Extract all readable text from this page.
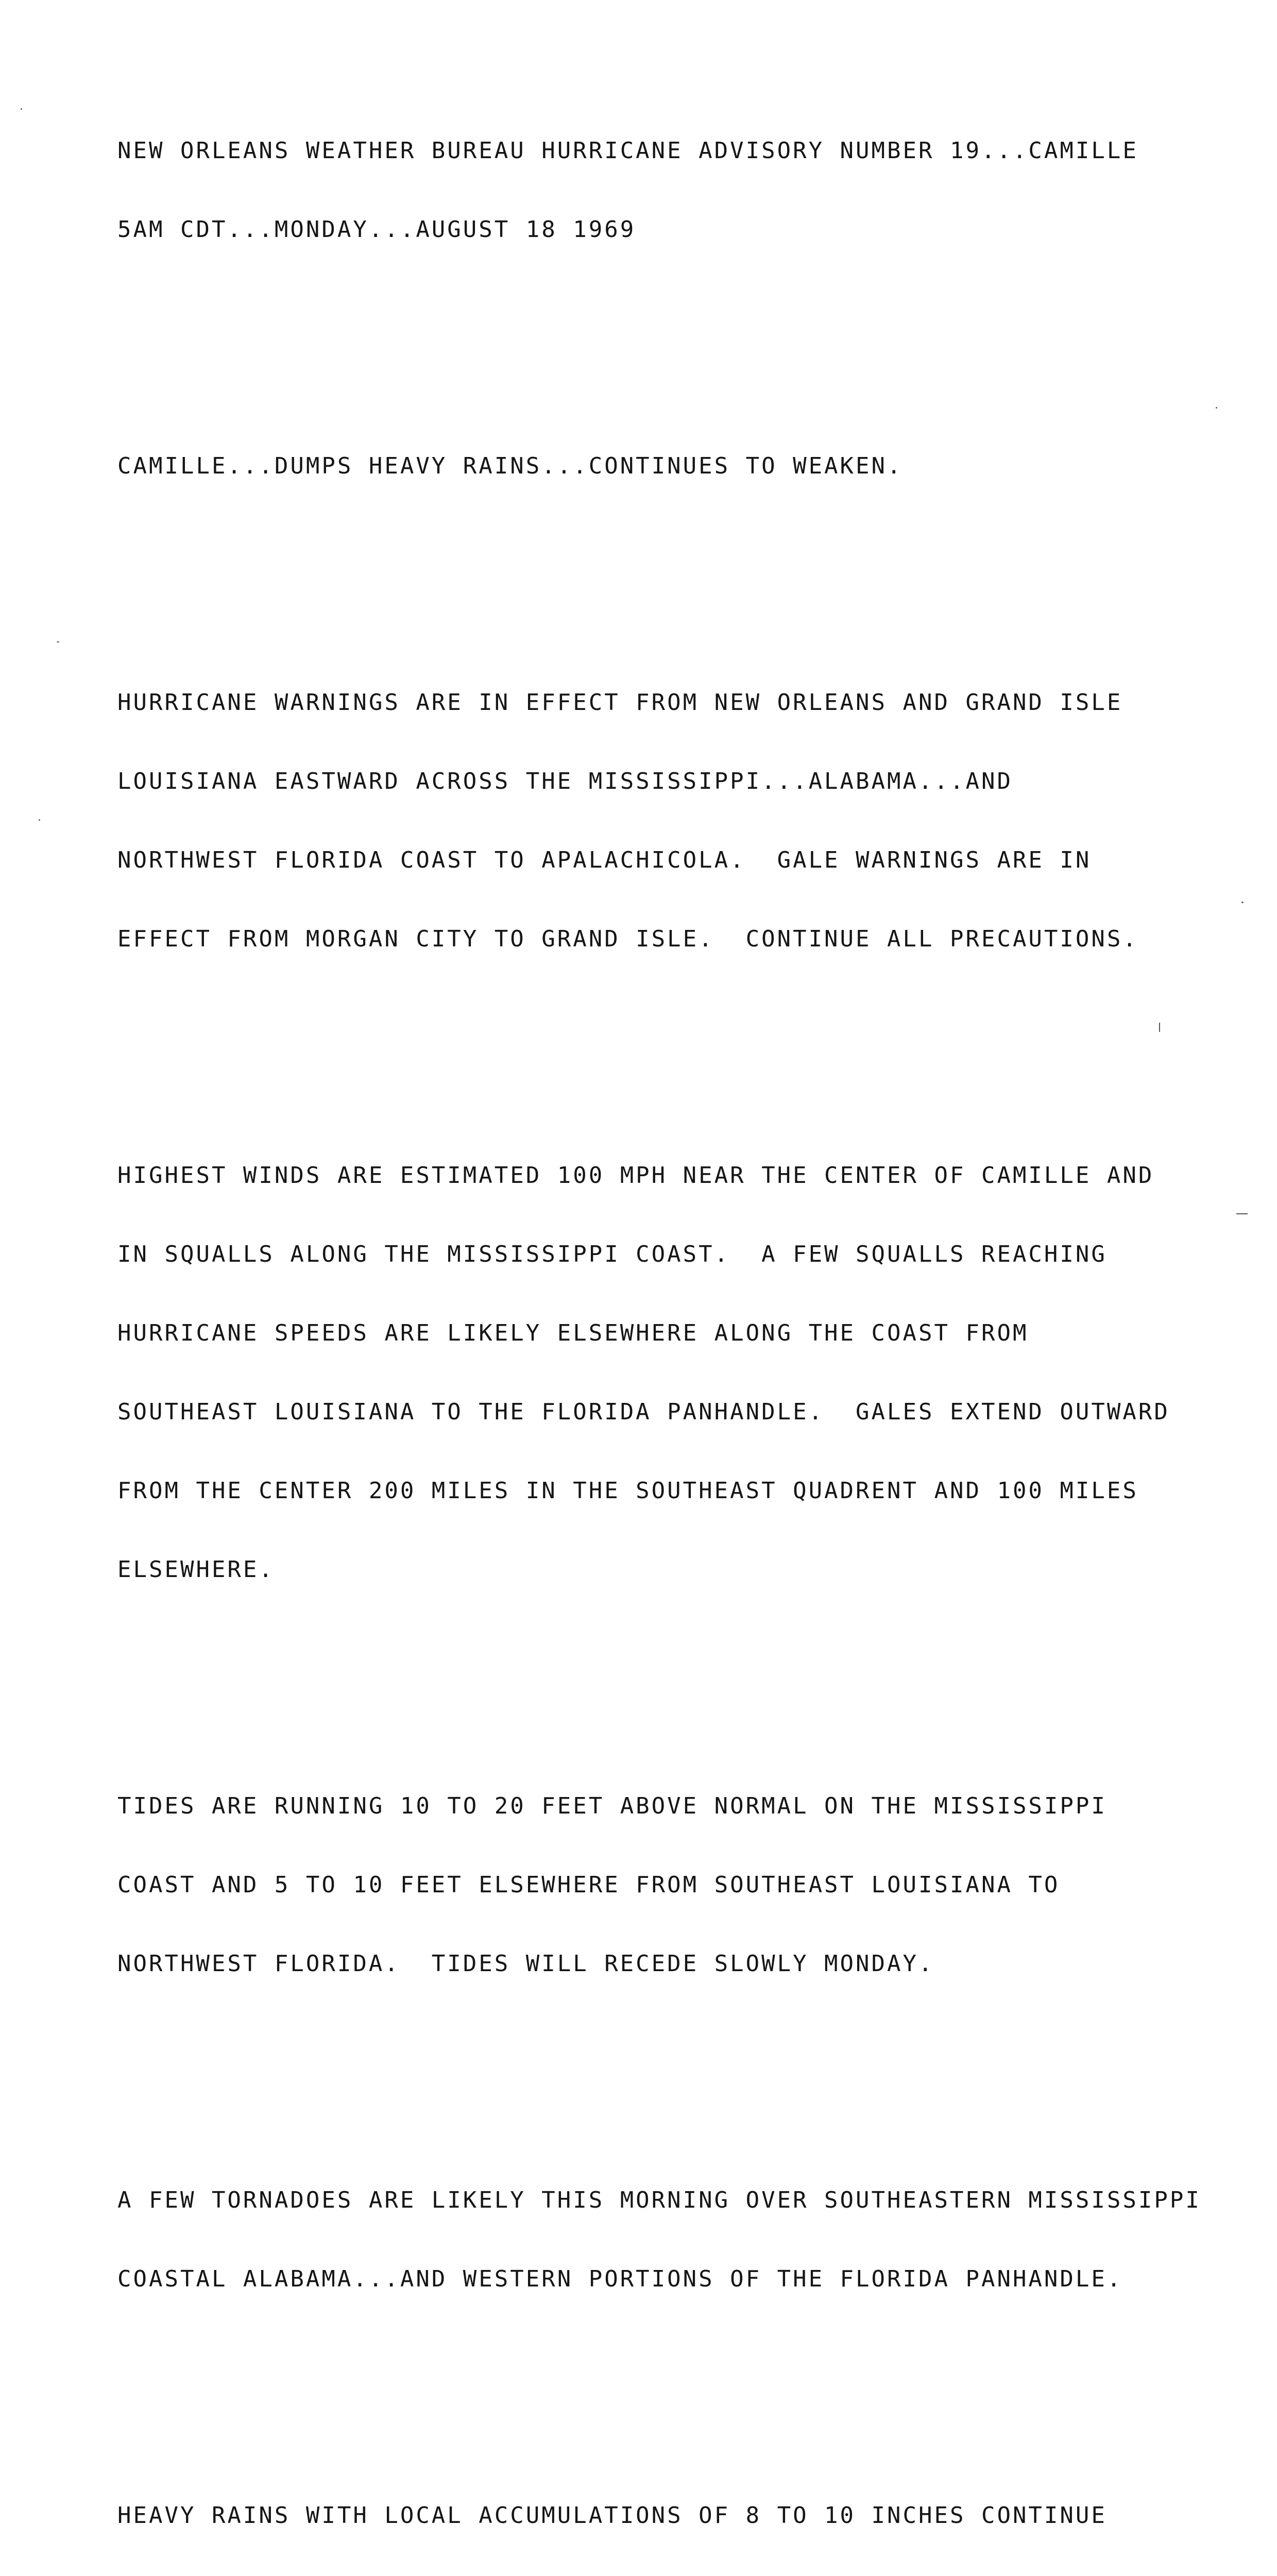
NEW ORLEANS WEATHER BUREAU HURRICANE ADVISORY NUMBER 19...CAMILLE

5AM CDT...MONDAY...AUGUST 18 1969

CAMILLE...DUMPS HEAVY RAINS...CONTINUES TO WEAKEN.

HURRICANE WARNINGS ARE IN EFFECT FROM NEW ORLEANS AND GRAND ISLE

LOUISIANA EASTWARD ACROSS THE MISSISSIPPI...ALABAMA...AND

NORTHWEST FLORIDA COAST TO APALACHICOLA.  GALE WARNINGS ARE IN

EFFECT FROM MORGAN CITY TO GRAND ISLE.  CONTINUE ALL PRECAUTIONS.

HIGHEST WINDS ARE ESTIMATED 100 MPH NEAR THE CENTER OF CAMILLE AND

IN SQUALLS ALONG THE MISSISSIPPI COAST.  A FEW SQUALLS REACHING

HURRICANE SPEEDS ARE LIKELY ELSEWHERE ALONG THE COAST FROM

SOUTHEAST LOUISIANA TO THE FLORIDA PANHANDLE.  GALES EXTEND OUTWARD

FROM THE CENTER 200 MILES IN THE SOUTHEAST QUADRENT AND 100 MILES

ELSEWHERE.

TIDES ARE RUNNING 10 TO 20 FEET ABOVE NORMAL ON THE MISSISSIPPI

COAST AND 5 TO 10 FEET ELSEWHERE FROM SOUTHEAST LOUISIANA TO

NORTHWEST FLORIDA.  TIDES WILL RECEDE SLOWLY MONDAY.

A FEW TORNADOES ARE LIKELY THIS MORNING OVER SOUTHEASTERN MISSISSIPPI

COASTAL ALABAMA...AND WESTERN PORTIONS OF THE FLORIDA PANHANDLE.

HEAVY RAINS WITH LOCAL ACCUMULATIONS OF 8 TO 10 INCHES CONTINUE
